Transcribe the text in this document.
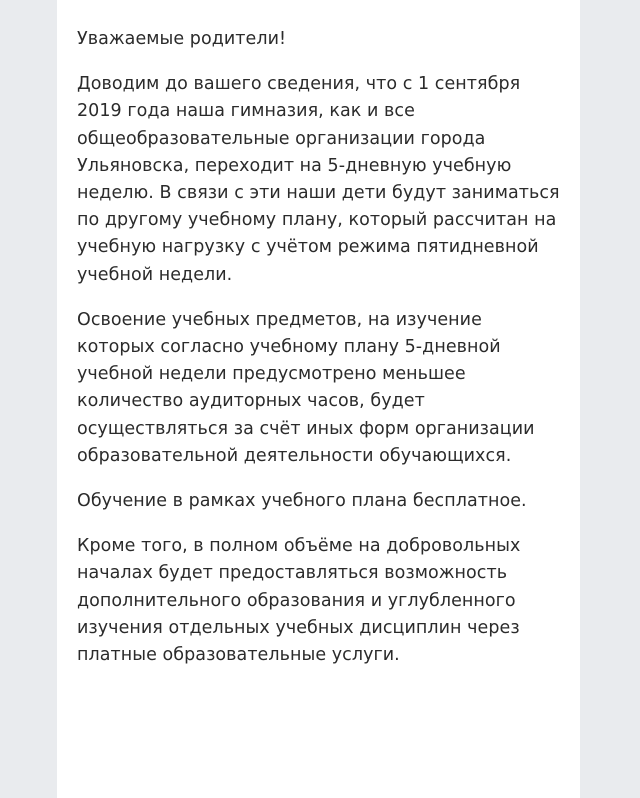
Уважаемые родители!

Доводим до вашего сведения, что с 1 сентября 2019 года наша гимназия, как и все общеобразовательные организации города Ульяновска, переходит на 5-дневную учебную неделю. В связи с эти наши дети будут заниматься по другому учебному плану, который рассчитан на учебную нагрузку с учётом режима пятидневной учебной недели.

Освоение учебных предметов, на изучение которых согласно учебному плану 5-дневной учебной недели предусмотрено меньшее количество аудиторных часов, будет осуществляться за счёт иных форм организации образовательной деятельности обучающихся.

Обучение в рамках учебного плана бесплатное.

Кроме того, в полном объёме на добровольных началах будет предоставляться возможность дополнительного образования и углубленного изучения отдельных учебных дисциплин через платные образовательные услуги.
